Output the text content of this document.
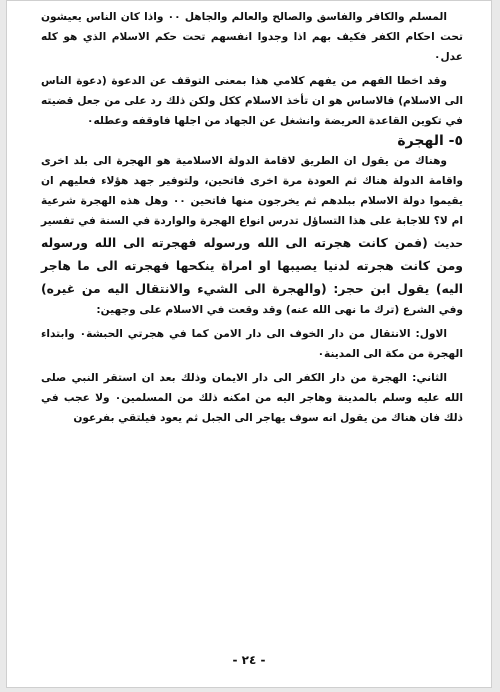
المسلم والكافر والفاسق والصالح والعالم والجاهل ٠٠ واذا كان الناس يعيشون تحت احكام الكفر فكيف بهم اذا وجدوا انفسهم تحت حكم الاسلام الذي هو كله عدل٠

وقد اخطا الفهم من يفهم كلامي هذا بمعنى التوقف عن الدعوة (دعوة الناس الى الاسلام) فالاساس هو ان تأخذ الاسلام ككل ولكن ذلك رد على من جعل قضيته في تكوين القاعدة العريضة وانشغل عن الجهاد من اجلها فاوقفه وعطله٠

٥- الهجرة

وهناك من يقول ان الطريق لاقامة الدولة الاسلامية هو الهجرة الى بلد اخرى واقامة الدولة هناك ثم العودة مرة اخرى فاتحين، ولتوفير جهد هؤلاء فعليهم ان يقيموا دولة الاسلام ببلدهم ثم يخرجون منها فاتحين ٠٠ وهل هذه الهجرة شرعية ام لا؟ للاجابة على هذا التساؤل تدرس انواع الهجرة والواردة في السنة في تفسير حديث (فمن كانت هجرته الى الله ورسوله فهجرته الى الله ورسوله ومن كانت هجرته لدنيا يصيبها او امراة ينكحها فهجرته الى ما هاجر اليه) يقول ابن حجر: (والهجرة الى الشيء والانتقال اليه من غيره) وفي الشرع (ترك ما نهى الله عنه) وقد وقعت في الاسلام على وجهين:

الاول: الانتقال من دار الخوف الى دار الامن كما في هجرتي الحبشة٠ وابتداء الهجرة من مكة الى المدينة٠

الثاني: الهجرة من دار الكفر الى دار الايمان وذلك بعد ان استقر النبي صلى الله عليه وسلم بالمدينة وهاجر اليه من امكنه ذلك من المسلمين٠ ولا عجب في ذلك فان هناك من يقول انه سوف يهاجر الى الجبل ثم يعود فيلتقي بفرعون

- ٢٤ -
